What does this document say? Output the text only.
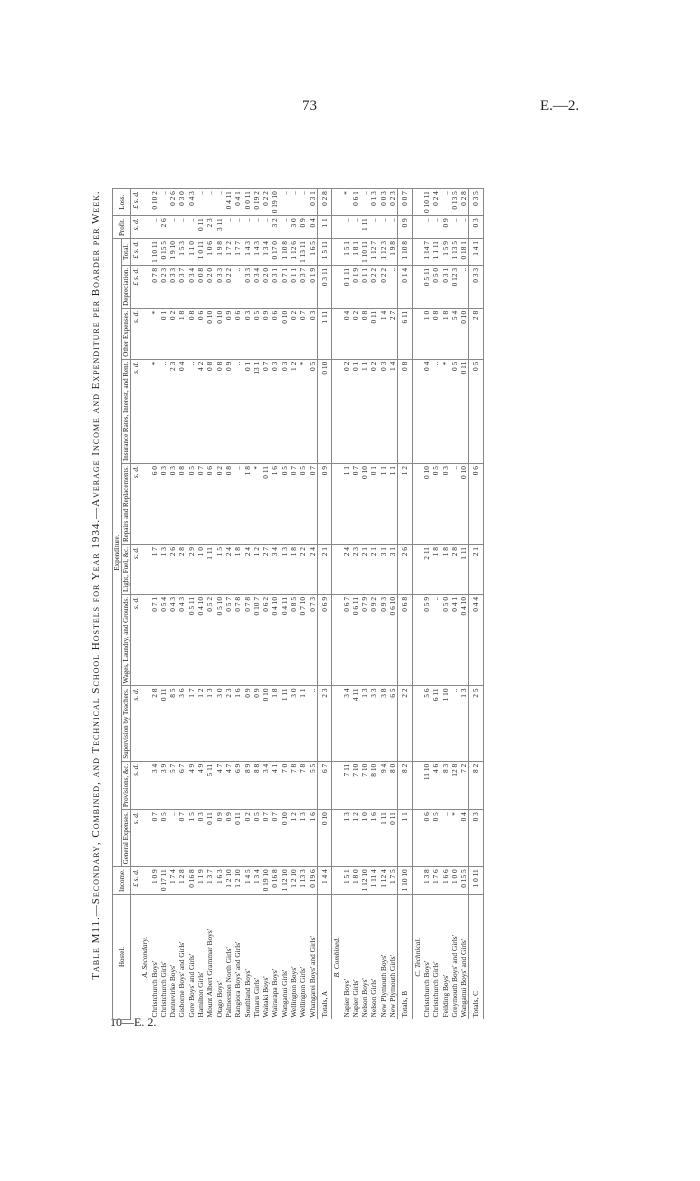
73	E.—2.
10—E. 2.
Table M11.—Secondary, Combined, and Technical School Hostels for Year 1934.—Average Income and Expenditure per Boarder per Week. Hostel.	Income.	Expenditure.										Profit.	Loss.
		General Expenses.	Provisions, &c.	Supervision by Teachers.	Wages, Laundry, and Grounds.	Light, Fuel, &c.	Repairs and Replacements.	Insurance Rates, Interest, and Rent.	Other Expenses.	Depreciation.	Total.		
	£ s. d.	s. d.	s. d.	s. d.	s. d.	s. d.	s. d.	s. d.	s. d.	£ s. d.	£ s. d.	s. d.	£ s. d.
A. Secondary.													
Christchurch Boys'	1 0 9	0 7	3 4	2 8	0 7 1	1 7	6 0	*	*	0 7 8	1 10 11	..	0 10 2
Christchurch Girls'	0 17 11	0 5	3 9	0 11	0 5 4	1 3	0 3	..	0 1	0 2 3	0 15 5	2 6	..
Dannevirke Boys'	1 7 4	..	5 7	8 5	0 4 3	2 6	0 3	2 3	0 2	0 3 3	1 9 10	..	0 2 6
Gisborne Boys' and Girls'	1 2 8	0 7	6 7	3 6	0 4 3	2 8	0 8	0 4	1 8	0 3 7	1 5 3	..	0 3 0
Gore Boys' and Girls'	0 16 8	1 5	4 9	1 7	0 5 11	2 9	0 5	..	0 8	0 3 4	1 1 0	..	0 4 3
Hamilton Girls'	1 1 9	0 3	4 9	1 2	0 4 10	1 0	0 7	4 2	0 6	0 0 8	1 0 11	0 11	..
Mount Albert Grammar Boys'	1 3 7	0 11	5 11	1 3	0 5 2	1 11	0 6	0 8	0 10	0 2 0	1 0 6	2 3	..
Otago Boys'	1 6 3	0 9	4 7	3 0	0 5 10	1 5	0 2	0 8	0 10	0 3 3	1 9 8	3 11	..
Palmerston North Girls'	1 2 10	0 9	4 7	2 3	0 5 7	2 4	0 8	0 9	0 9	0 2 2	1 7 2	..	0 4 11
Rangiora Boys' and Girls'	1 2 10	0 11	6 9	1 6	0 7 8	1 8	..	..	0 6	..	1 7 7	..	0 4 1
Southland Boys'	1 4 5	0 2	8 9	0 9	0 7 8	2 4	1 8	0 1	0 3	0 3 3	1 4 3	..	0 0 11
Timaru Girls'	1 3 4	0 5	8 8	0 9	0 10 7	1 2	*	13 1	0 5	0 3 4	1 4 3	..	0 19 2
Waitaki Boys'	0 19 10	0 7	3 4	0 10	0 6 2	2 7	0 11	0 7	0 9	0 2 0	1 3 4	..	0 2 2
Wairarapa Boys'	0 16 8	0 7	4 1	1 8	0 4 10	3 4	1 6	0 3	0 6	0 3 1	0 17 0	3 2	0 19 10
Wanganui Girls'	1 12 10	0 10	7 0	1 11	0 4 11	1 3	0 5	0 3	0 10	0 7 1	1 10 8	..	..
Wellington Boys'	1 2 10	1 2	7 8	3 0	0 8 5	1 8	0 7	1 2	0 2	0 1 1	1 12 6	3 0	..
Wellington Girls'	1 13 3	1 3	7 8	1 1	0 7 10	2 2	0 5	*	0 7	0 3 7	1 13 11	0 9	..
Whangarei Boys' and Girls'	0 19 6	1 6	5 5	..	0 7 3	2 4	0 7	0 5	0 3	0 1 9	1 6 5	0 4	0 3 1
Totals, A	1 4 4	0 10	6 7	2 3	0 6 9	2 1	0 9	0 10	1 11	0 3 11	1 5 11	1 1	0 2 8
B. Combined.													
Napier Boys'	1 5 1	1 3	7 11	3 4	0 6 7	2 4	1 1	0 2	0 4	0 1 11	1 5 1	..	*
Napier Girls'	1 8 0	1 2	7 10	4 11	0 6 11	2 3	0 7	0 1	0 2	0 1 9	1 8 1	..	0 6 1
Nelson Boys'	1 12 10	1 0	7 10	1 3	0 7 9	2 1	0 10	1 1	0 8	0 1 1	1 10 11	1 11	..
Nelson Girls'	1 11 4	1 6	8 10	3 3	0 9 2	2 1	0 1	0 2	0 11	0 2 2	1 12 7	..	0 1 3
New Plymouth Boys'	1 12 4	1 11	9 4	3 8	0 9 3	3 1	1 1	0 3	1 4	0 2 2	1 12 3	..	0 0 3
New Plymouth Girls'	1 7 5	0 11	8 0	6 5	0 6 10	3 1	1 1	1 4	2 7	..	1 9 8	..	0 2 3
Totals, B	1 10 10	1 1	8 2	2 2	0 6 8	2 6	1 2	0 8	6 11	0 1 4	1 10 8	0 9	0 0 7
C. Technical.													
Christchurch Boys'	1 3 8	0 6	11 10	5 6	0 5 9	2 11	0 10	0 4	1 0	0 5 11	1 14 7	..	0 10 11
Christchurch Girls'	1 7 6	0 5	4 6	6 11	..	1 8	0 5	..	0 8	0 5 0	1 1 11	..	0 2 4
Feilding Boys'	1 6 6	..	8 3	1 10	0 5 0	1 8	0 3	*	1 8	0 3 1	1 5 9	0 9	..
Greymouth Boys' and Girls'	1 0 0	*	12 8	..	0 4 1	2 8	..	0 5	5 4	0 12 3	1 13 5	..	0 13 5
Wanganui Boys' and Girls'	0 15 5	0 4	7 2	1 3	0 4 10	1 11	0 10	0 11	0 10	..	0 18 1	..	0 2 8
Totals, C	1 0 11	0 3	8 2	2 5	0 4 4	2 1	0 6	0 5	2 8	0 3 3	1 4 1	0 3	0 3 5
